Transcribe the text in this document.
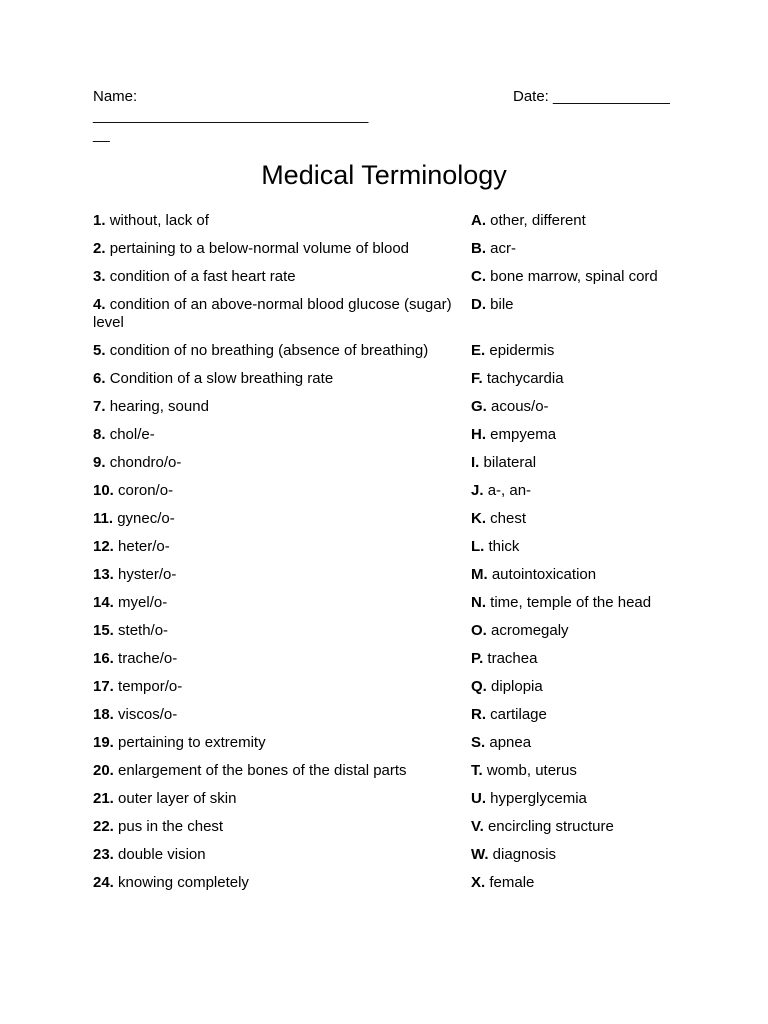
Name:
_________________________________
__
Date: ______________
Medical Terminology
1. without, lack of	A. other, different
2. pertaining to a below-normal volume of blood	B. acr-
3. condition of a fast heart rate	C. bone marrow, spinal cord
4. condition of an above-normal blood glucose (sugar) level
D. bile
5. condition of no breathing (absence of breathing)	E. epidermis
6. Condition of a slow breathing rate	F. tachycardia
7. hearing, sound	G. acous/o-
8. chol/e-	H. empyema
9. chondro/o-	I. bilateral
10. coron/o-	J. a-, an-
11. gynec/o-	K. chest
12. heter/o-	L. thick
13. hyster/o-	M. autointoxication
14. myel/o-	N. time, temple of the head
15. steth/o-	O. acromegaly
16. trache/o-	P. trachea
17. tempor/o-	Q. diplopia
18. viscos/o-	R. cartilage
19. pertaining to extremity	S. apnea
20. enlargement of the bones of the distal parts	T. womb, uterus
21. outer layer of skin	U. hyperglycemia
22. pus in the chest	V. encircling structure
23. double vision	W. diagnosis
24. knowing completely	X. female
